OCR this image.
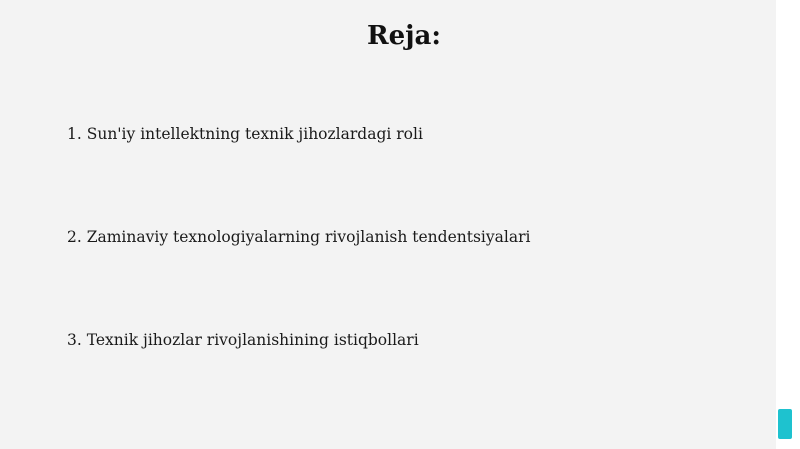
Reja:
1. Sun'iy intellektning texnik jihozlardagi roli
2. Zaminaviy texnologiyalarning rivojlanish tendentsiyalari
3. Texnik jihozlar rivojlanishining istiqbollari
